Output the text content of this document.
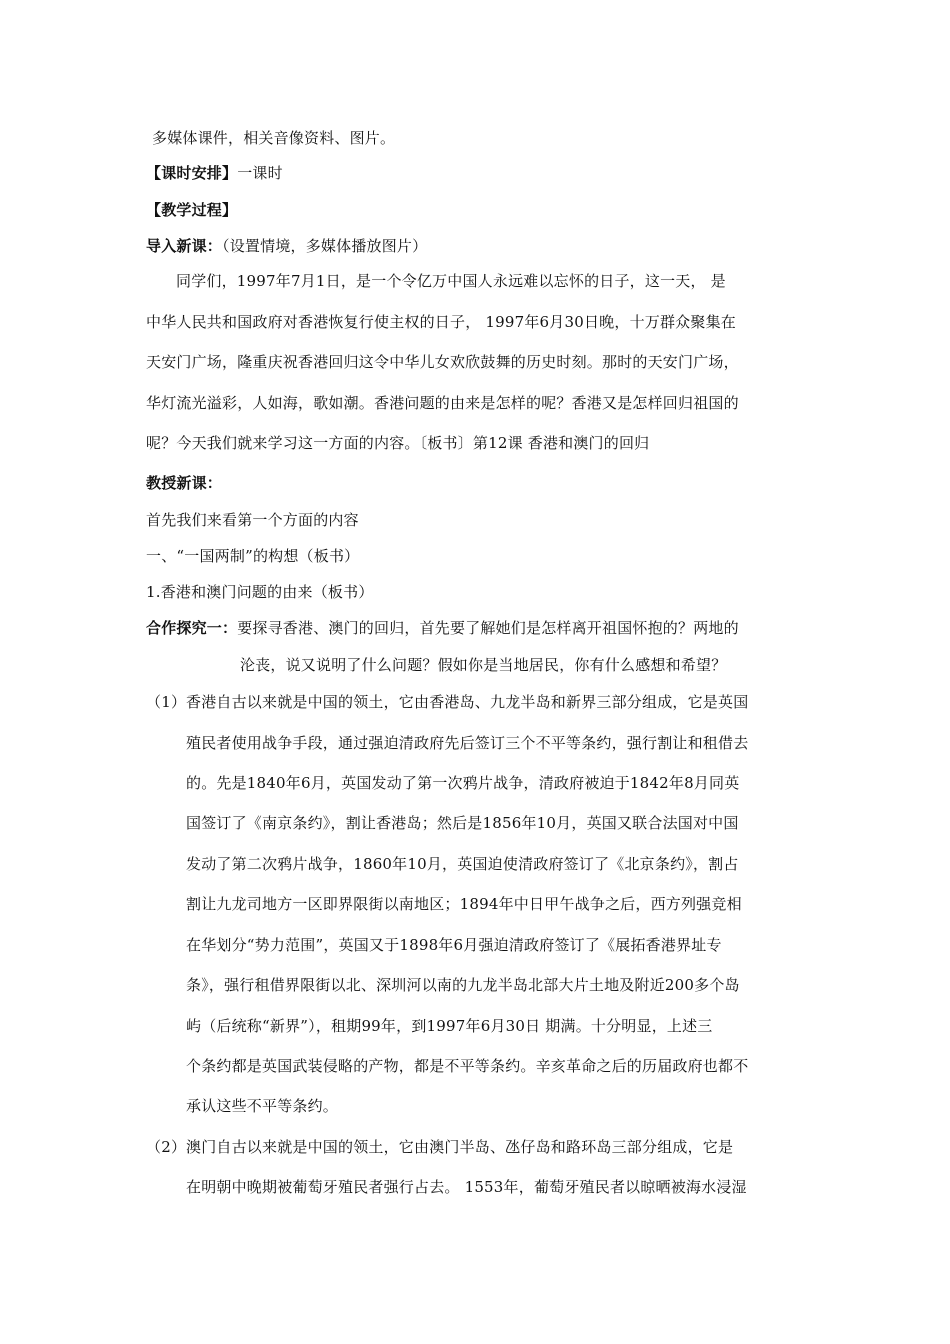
多媒体课件，相关音像资料、图片。
【课时安排】一课时
【教学过程】
导入新课：（设置情境，多媒体播放图片）
同学们，1997年7月1日，是一个令亿万中国人永远难以忘怀的日子，这一天， 是
中华人民共和国政府对香港恢复行使主权的日子， 1997年6月30日晚，十万群众聚集在
天安门广场，隆重庆祝香港回归这令中华儿女欢欣鼓舞的历史时刻。那时的天安门广场，
华灯流光溢彩，人如海，歌如潮。香港问题的由来是怎样的呢？香港又是怎样回归祖国的
呢？今天我们就来学习这一方面的内容。〔板书〕第12课 香港和澳门的回归
教授新课：
首先我们来看第一个方面的内容
一、“一国两制”的构想（板书）
1.香港和澳门问题的由来（板书）
合作探究一：要探寻香港、澳门的回归，首先要了解她们是怎样离开祖国怀抱的？两地的
沦丧，说又说明了什么问题？假如你是当地居民，你有什么感想和希望？
（1） 香港自古以来就是中国的领土，它由香港岛、九龙半岛和新界三部分组成，它是英国
殖民者使用战争手段，通过强迫清政府先后签订三个不平等条约，强行割让和租借去
的。先是1840年6月，英国发动了第一次鸦片战争，清政府被迫于1842年8月同英
国签订了《南京条约》，割让香港岛；然后是1856年10月，英国又联合法国对中国
发动了第二次鸦片战争，1860年10月，英国迫使清政府签订了《北京条约》，割占
割让九龙司地方一区即界限街以南地区；1894年中日甲午战争之后，西方列强竞相
在华划分“势力范围”，英国又于1898年6月强迫清政府签订了《展拓香港界址专
条》，强行租借界限街以北、深圳河以南的九龙半岛北部大片土地及附近200多个岛
屿（后统称“新界”），租期99年，到1997年6月30日 期满。十分明显，上述三
个条约都是英国武装侵略的产物，都是不平等条约。辛亥革命之后的历届政府也都不
承认这些不平等条约。
（2） 澳门自古以来就是中国的领土，它由澳门半岛、氹仔岛和路环岛三部分组成，它是
在明朝中晚期被葡萄牙殖民者强行占去。 1553年，葡萄牙殖民者以晾晒被海水浸湿
